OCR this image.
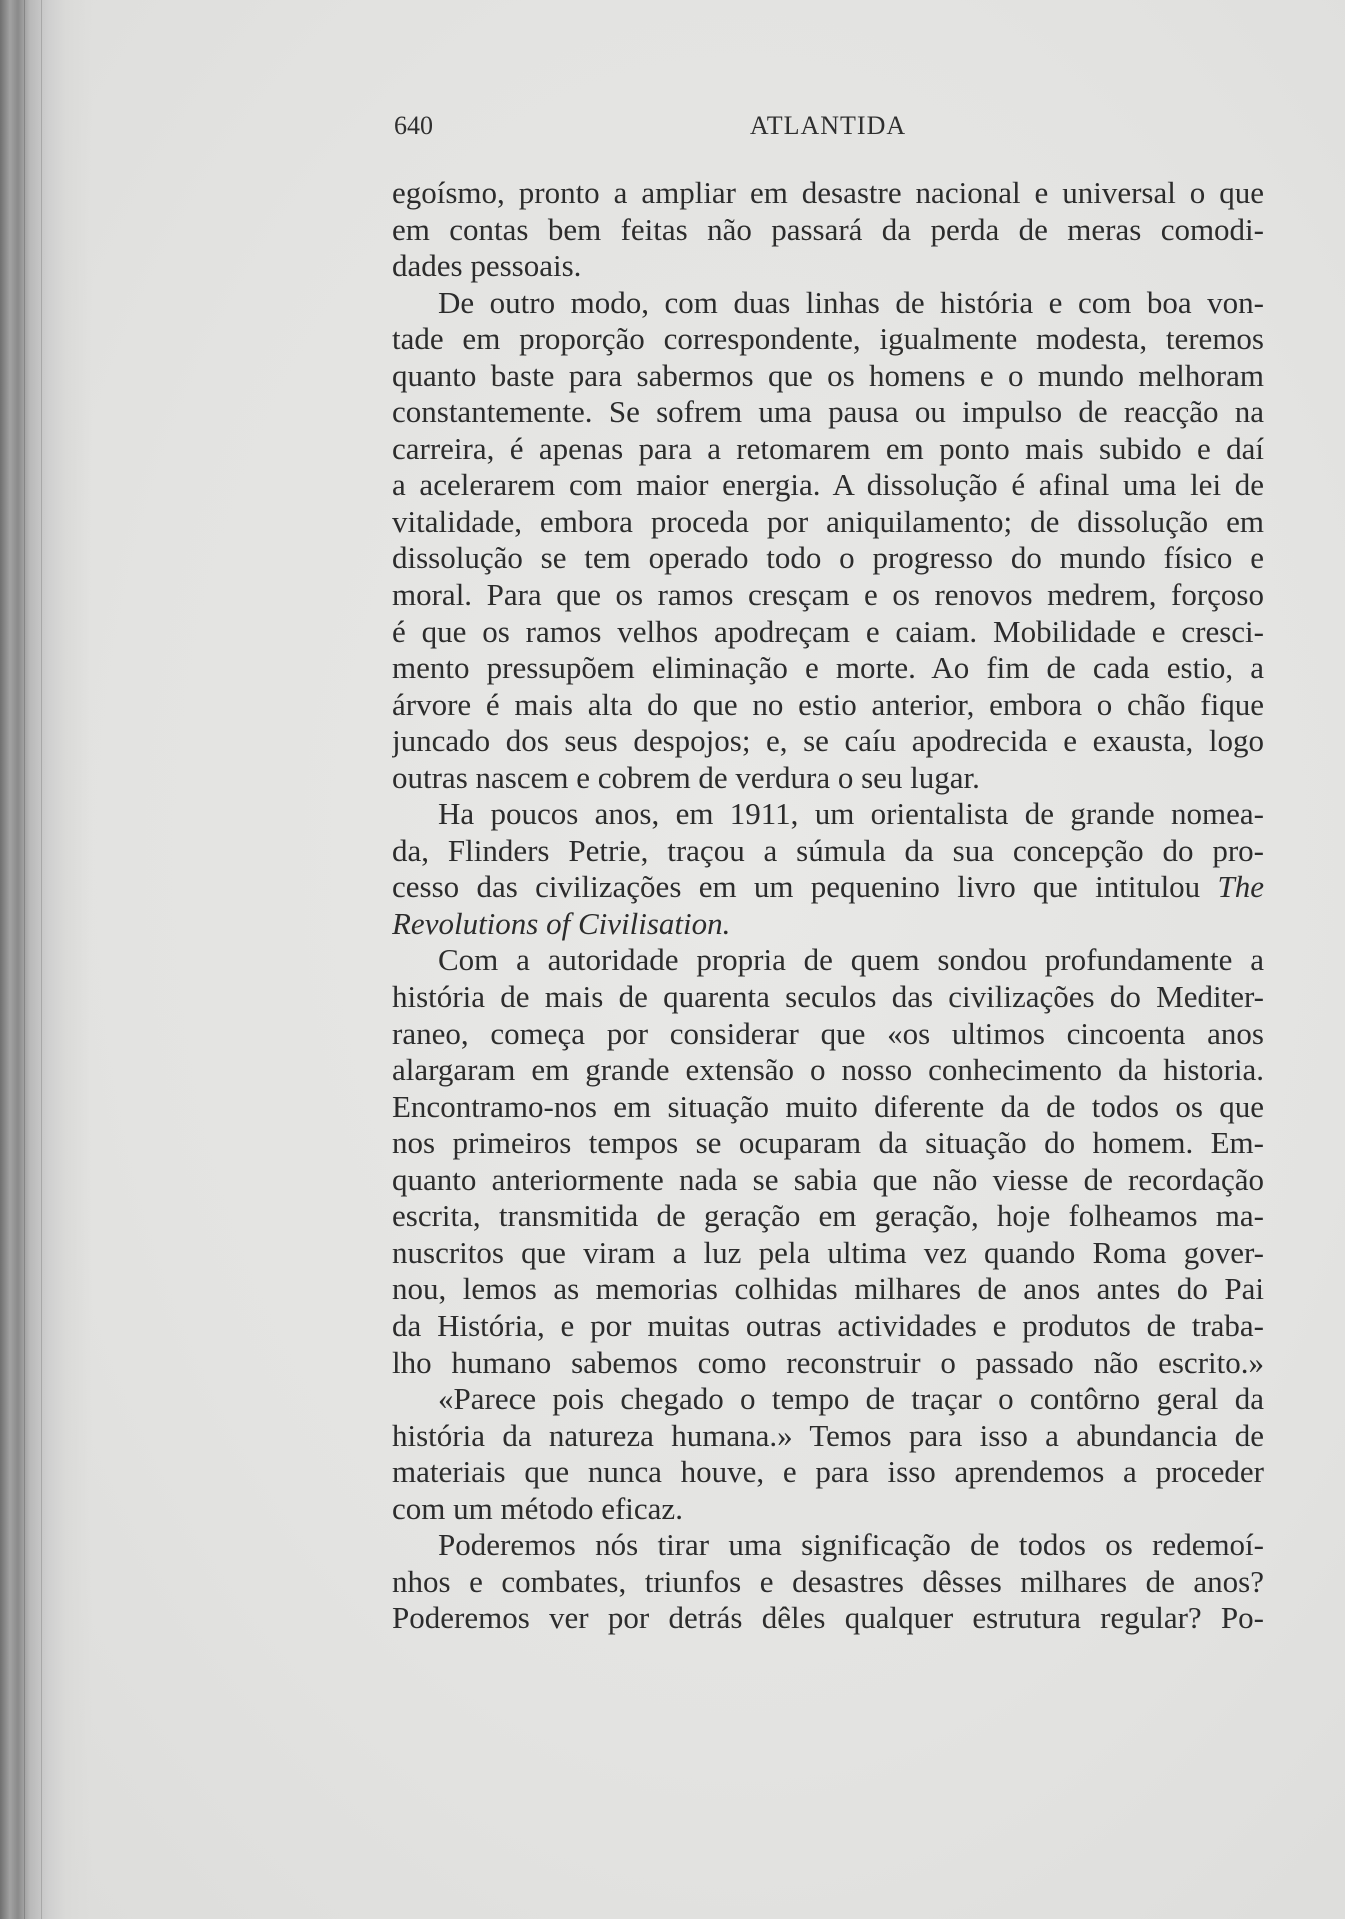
640	ATLANTIDA
egoísmo, pronto a ampliar em desastre nacional e universal o que
em contas bem feitas não passará da perda de meras comodi-
dades pessoais.
De outro modo, com duas linhas de história e com boa von-
tade em proporção correspondente, igualmente modesta, teremos
quanto baste para sabermos que os homens e o mundo melhoram
constantemente. Se sofrem uma pausa ou impulso de reacção na
carreira, é apenas para a retomarem em ponto mais subido e daí
a acelerarem com maior energia. A dissolução é afinal uma lei de
vitalidade, embora proceda por aniquilamento; de dissolução em
dissolução se tem operado todo o progresso do mundo físico e
moral. Para que os ramos cresçam e os renovos medrem, forçoso
é que os ramos velhos apodreçam e caiam. Mobilidade e cresci-
mento pressupõem eliminação e morte. Ao fim de cada estio, a
árvore é mais alta do que no estio anterior, embora o chão fique
juncado dos seus despojos; e, se caíu apodrecida e exausta, logo
outras nascem e cobrem de verdura o seu lugar.
Ha poucos anos, em 1911, um orientalista de grande nomea-
da, Flinders Petrie, traçou a súmula da sua concepção do pro-
cesso das civilizações em um pequenino livro que intitulou The
Revolutions of Civilisation.
Com a autoridade propria de quem sondou profundamente a
história de mais de quarenta seculos das civilizações do Mediter-
raneo, começa por considerar que «os ultimos cincoenta anos
alargaram em grande extensão o nosso conhecimento da historia.
Encontramo-nos em situação muito diferente da de todos os que
nos primeiros tempos se ocuparam da situação do homem. Em-
quanto anteriormente nada se sabia que não viesse de recordação
escrita, transmitida de geração em geração, hoje folheamos ma-
nuscritos que viram a luz pela ultima vez quando Roma gover-
nou, lemos as memorias colhidas milhares de anos antes do Pai
da História, e por muitas outras actividades e produtos de traba-
lho humano sabemos como reconstruir o passado não escrito.»
«Parece pois chegado o tempo de traçar o contôrno geral da
história da natureza humana.» Temos para isso a abundancia de
materiais que nunca houve, e para isso aprendemos a proceder
com um método eficaz.
Poderemos nós tirar uma significação de todos os redemoí-
nhos e combates, triunfos e desastres dêsses milhares de anos?
Poderemos ver por detrás dêles qualquer estrutura regular? Po-
